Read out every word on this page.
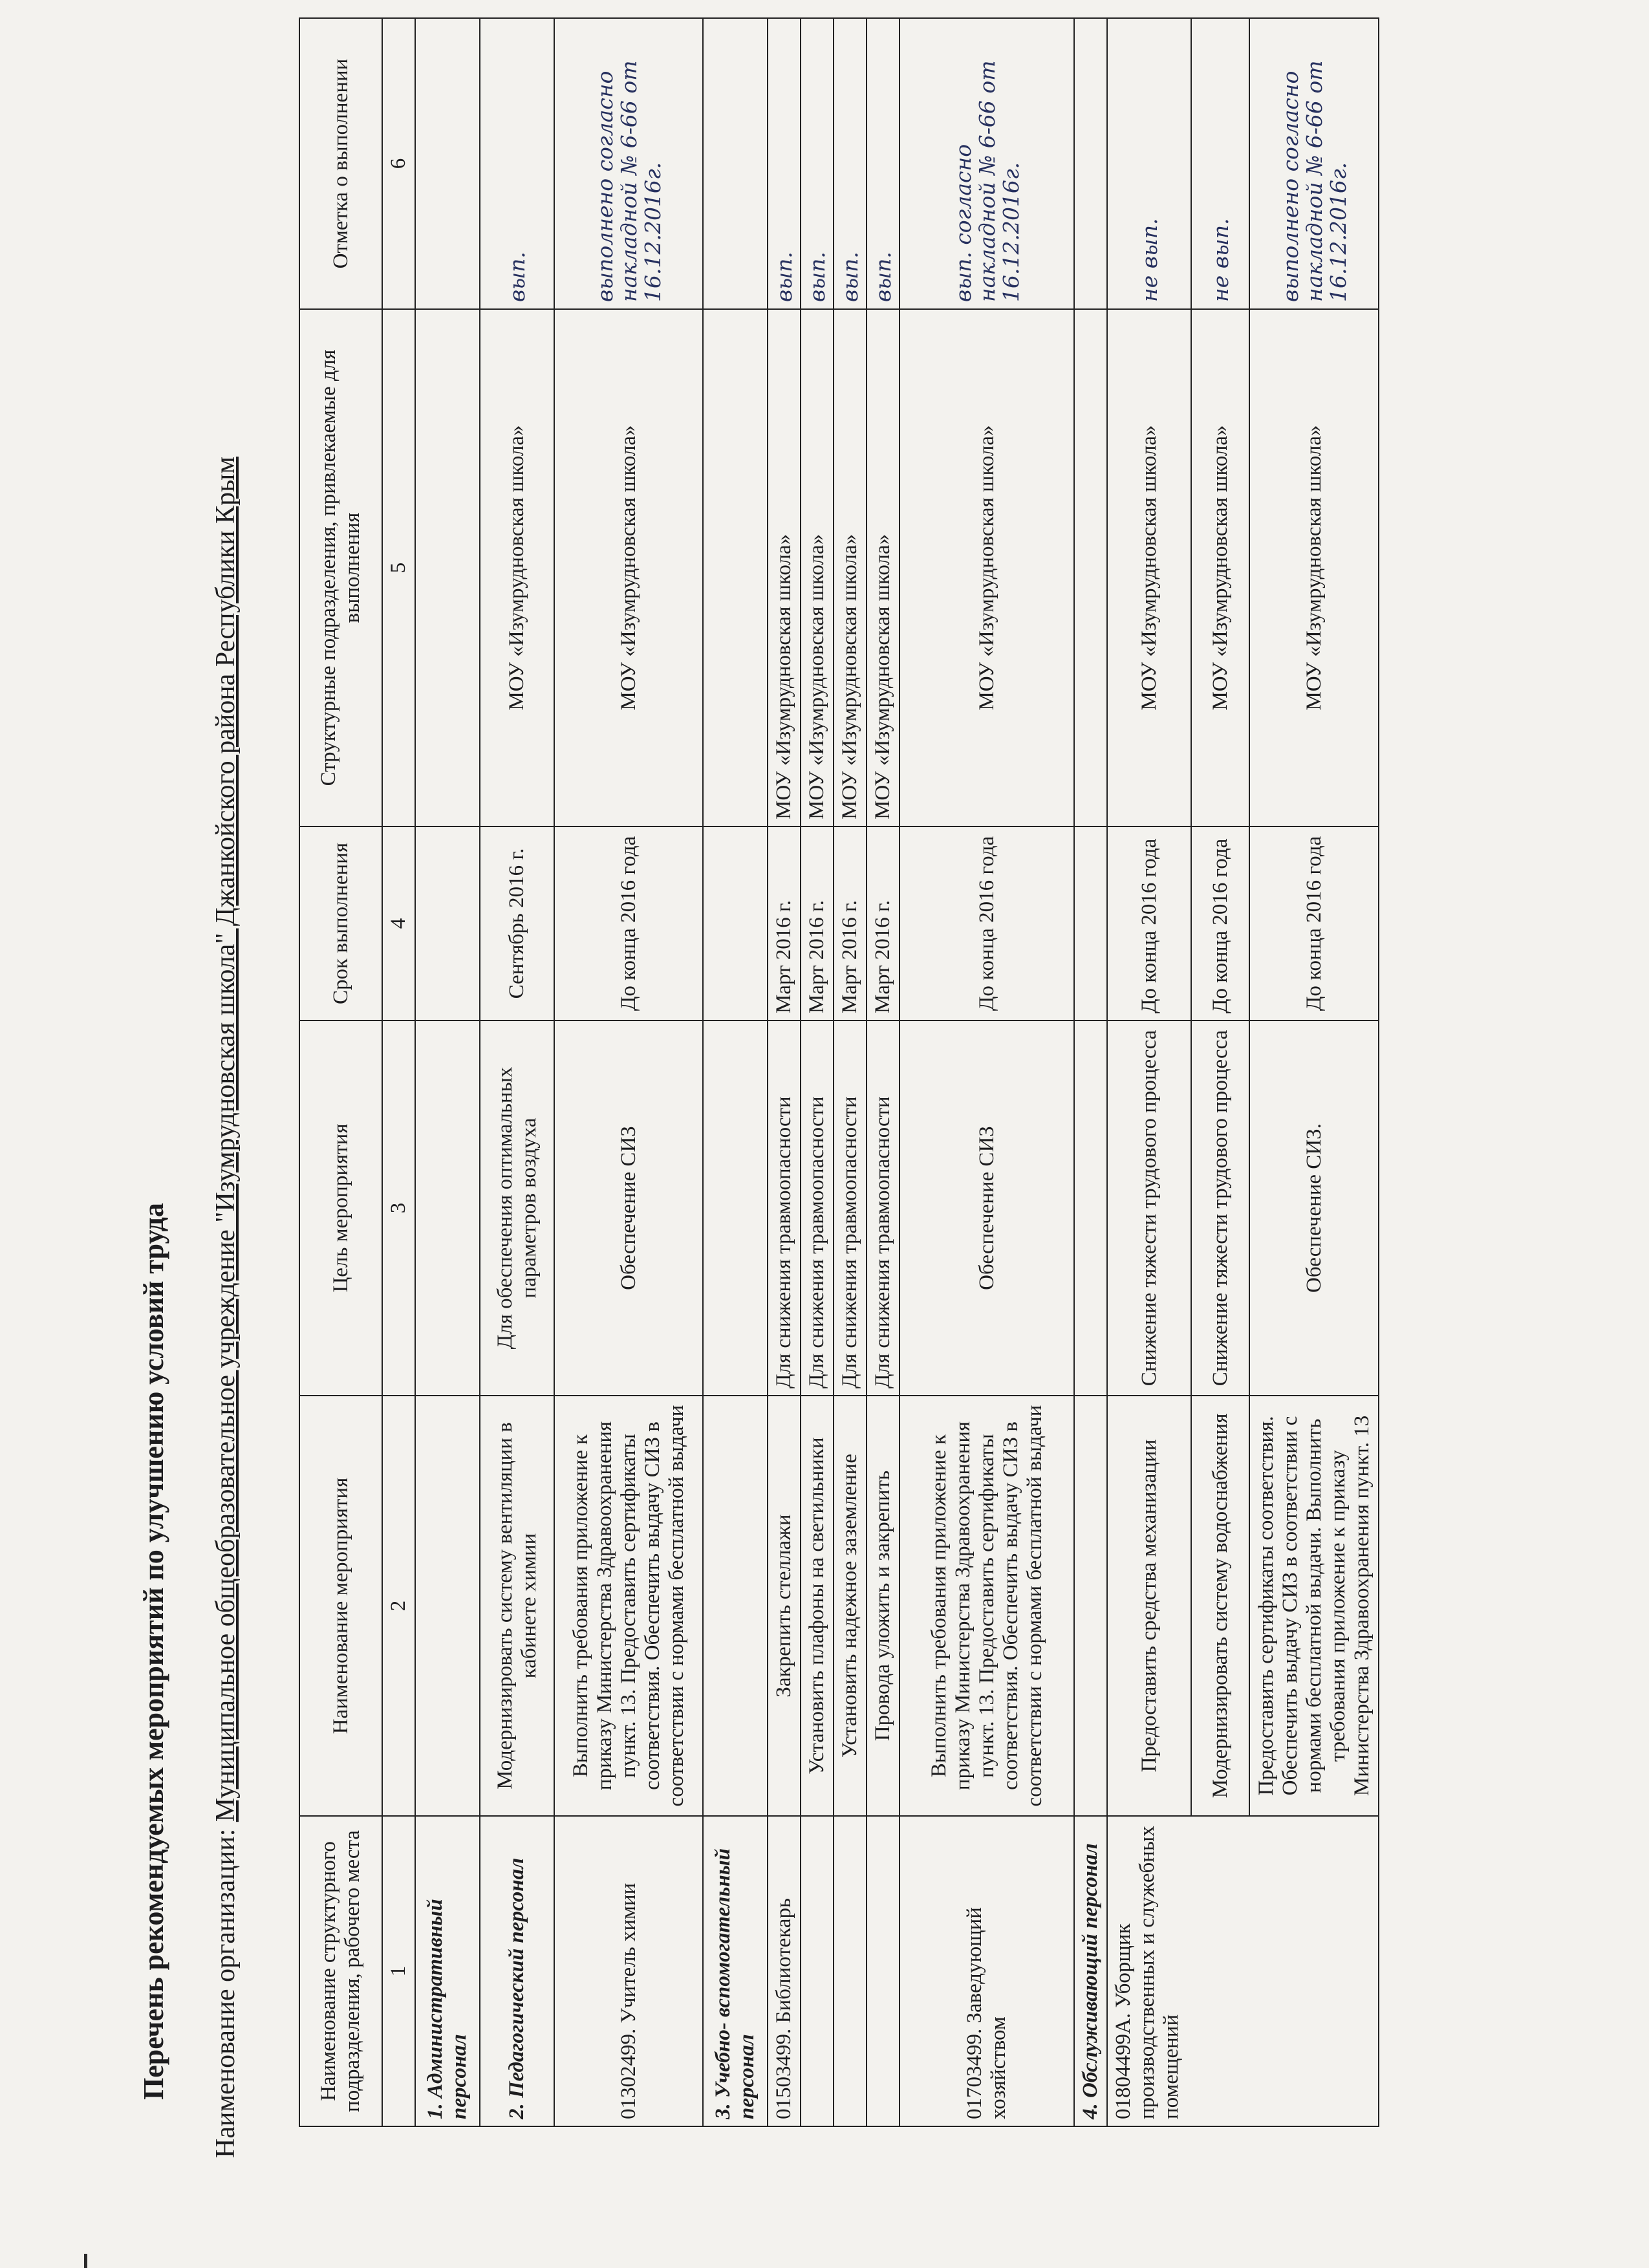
Перечень рекомендуемых мероприятий по улучшению условий труда Наименование организации: Муниципальное общеобразовательное учреждение "Изумрудновская школа" Джанкойского района Республики Крым
Наименование структурного подразделения, рабочего места	Наименование мероприятия	Цель мероприятия	Срок выполнения	Структурные подразделения, привлекаемые для выполнения	Отметка о выполнении
1	2	3	4	5	6
1. Административный персонал					
2. Педагогический персонал	Модернизировать систему вентиляции в кабинете химии	Для обеспечения оптимальных параметров воздуха	Сентябрь 2016 г.	МОУ «Изумрудновская школа»	вып.
01302499. Учитель химии	Выполнить требования приложение к приказу Министерства Здравоохранения пункт. 13. Предоставить сертификаты соответствия. Обеспечить выдачу СИЗ в соответствии с нормами бесплатной выдачи	Обеспечение СИЗ	До конца 2016 года	МОУ «Изумрудновская школа»	выполнено согласно накладной № 6-66 от 16.12.2016г.
3. Учебно- вспомогательный персонал					
01503499. Библиотекарь	Закрепить стеллажи	Для снижения травмоопасности	Март 2016 г.	МОУ «Изумрудновская школа»	вып.
	Установить плафоны на светильники	Для снижения травмоопасности	Март 2016 г.	МОУ «Изумрудновская школа»	вып.
	Установить надежное заземление	Для снижения травмоопасности	Март 2016 г.	МОУ «Изумрудновская школа»	вып.
	Провода уложить и закрепить	Для снижения травмоопасности	Март 2016 г.	МОУ «Изумрудновская школа»	вып.
01703499. Заведующий хозяйством	Выполнить требования приложение к приказу Министерства Здравоохранения пункт. 13. Предоставить сертификаты соответствия. Обеспечить выдачу СИЗ в соответствии с нормами бесплатной выдачи	Обеспечение СИЗ	До конца 2016 года	МОУ «Изумрудновская школа»	вып. согласно накладной № 6-66 от 16.12.2016г.
4. Обслуживающий персонал					
01804499А. Уборщик производственных и служебных помещений	Предоставить средства механизации	Снижение тяжести трудового процесса	До конца 2016 года	МОУ «Изумрудновская школа»	не вып.
	Модернизировать систему водоснабжения	Снижение тяжести трудового процесса	До конца 2016 года	МОУ «Изумрудновская школа»	не вып.
	Предоставить сертификаты соответствия. Обеспечить выдачу СИЗ в соответствии с нормами бесплатной выдачи. Выполнить требования приложение к приказу Министерства Здравоохранения пункт. 13	Обеспечение СИЗ.	До конца 2016 года	МОУ «Изумрудновская школа»	выполнено согласно накладной № 6-66 от 16.12.2016г.
